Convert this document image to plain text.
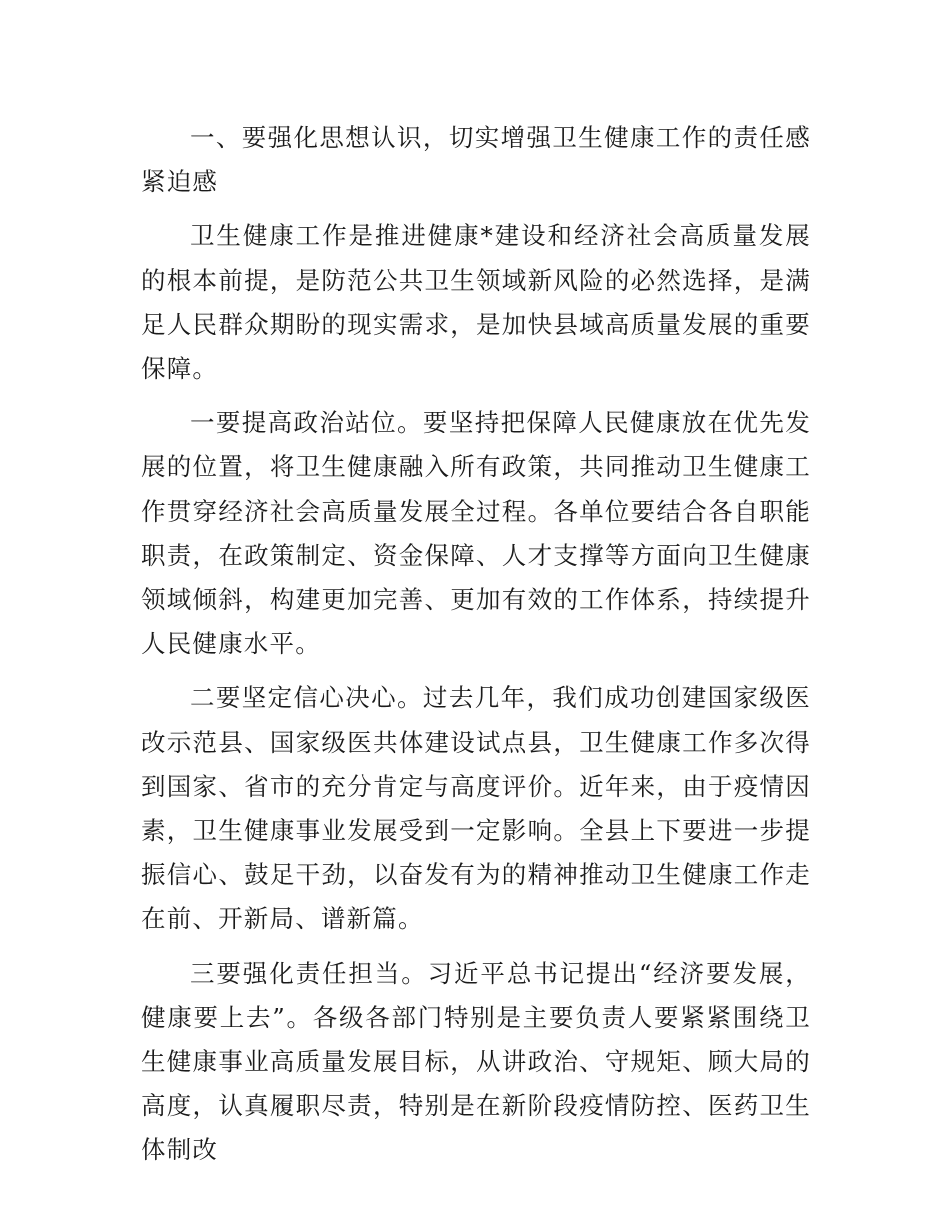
一、要强化思想认识，切实增强卫生健康工作的责任感紧迫感

卫生健康工作是推进健康*建设和经济社会高质量发展的根本前提，是防范公共卫生领域新风险的必然选择，是满足人民群众期盼的现实需求，是加快县域高质量发展的重要保障。

一要提高政治站位。要坚持把保障人民健康放在优先发展的位置，将卫生健康融入所有政策，共同推动卫生健康工作贯穿经济社会高质量发展全过程。各单位要结合各自职能职责，在政策制定、资金保障、人才支撑等方面向卫生健康领域倾斜，构建更加完善、更加有效的工作体系，持续提升人民健康水平。

二要坚定信心决心。过去几年，我们成功创建国家级医改示范县、国家级医共体建设试点县，卫生健康工作多次得到国家、省市的充分肯定与高度评价。近年来，由于疫情因素，卫生健康事业发展受到一定影响。全县上下要进一步提振信心、鼓足干劲，以奋发有为的精神推动卫生健康工作走在前、开新局、谱新篇。

三要强化责任担当。习近平总书记提出“经济要发展，健康要上去”。各级各部门特别是主要负责人要紧紧围绕卫生健康事业高质量发展目标，从讲政治、守规矩、顾大局的高度，认真履职尽责，特别是在新阶段疫情防控、医药卫生体制改
